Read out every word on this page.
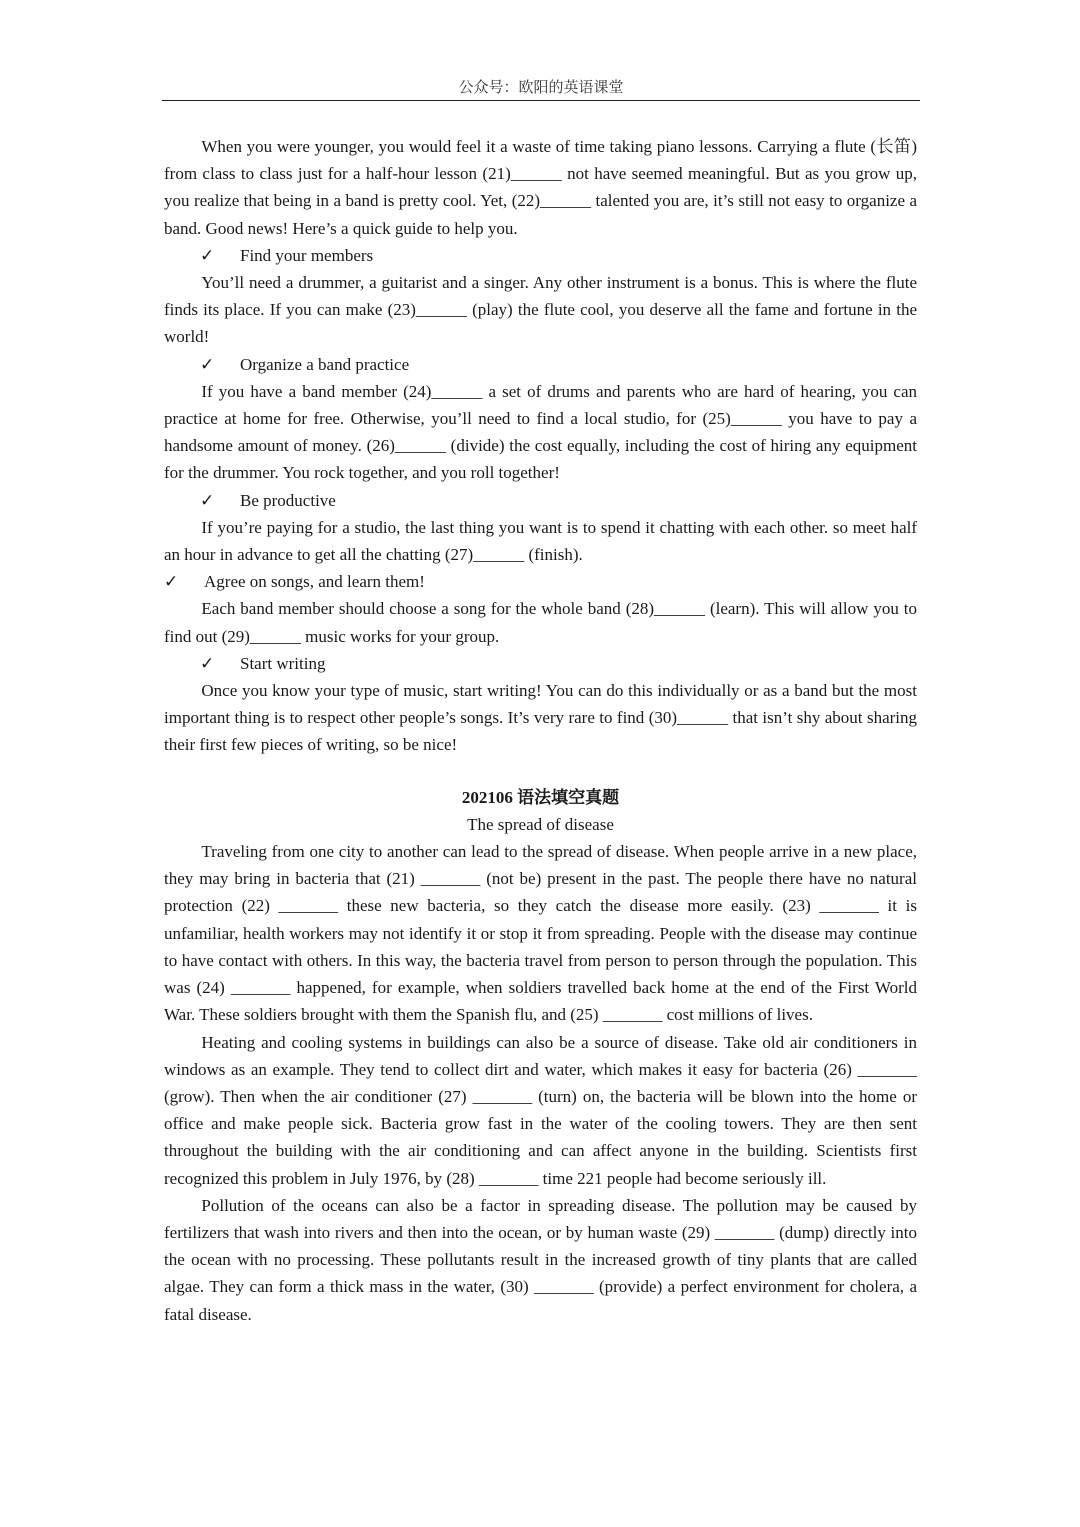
公众号：欧阳的英语课堂

When you were younger, you would feel it a waste of time taking piano lessons. Carrying a flute (长笛) from class to class just for a half-hour lesson (21)______ not have seemed meaningful. But as you grow up, you realize that being in a band is pretty cool. Yet, (22)______ talented you are, it’s still not easy to organize a band. Good news! Here’s a quick guide to help you.

✓ Find your members

You’ll need a drummer, a guitarist and a singer. Any other instrument is a bonus. This is where the flute finds its place. If you can make (23)______ (play) the flute cool, you deserve all the fame and fortune in the world!

✓ Organize a band practice

If you have a band member (24)______ a set of drums and parents who are hard of hearing, you can practice at home for free. Otherwise, you’ll need to find a local studio, for (25)______ you have to pay a handsome amount of money. (26)______ (divide) the cost equally, including the cost of hiring any equipment for the drummer. You rock together, and you roll together!

✓ Be productive

If you’re paying for a studio, the last thing you want is to spend it chatting with each other. so meet half an hour in advance to get all the chatting (27)______ (finish).

✓ Agree on songs, and learn them!

Each band member should choose a song for the whole band (28)______ (learn). This will allow you to find out (29)______ music works for your group.

✓ Start writing

Once you know your type of music, start writing! You can do this individually or as a band but the most important thing is to respect other people’s songs. It’s very rare to find (30)______ that isn’t shy about sharing their first few pieces of writing, so be nice!

202106 语法填空真题
The spread of disease

Traveling from one city to another can lead to the spread of disease. When people arrive in a new place, they may bring in bacteria that (21) _______ (not be) present in the past. The people there have no natural protection (22) _______ these new bacteria, so they catch the disease more easily. (23) _______ it is unfamiliar, health workers may not identify it or stop it from spreading. People with the disease may continue to have contact with others. In this way, the bacteria travel from person to person through the population. This was (24) _______ happened, for example, when soldiers travelled back home at the end of the First World War. These soldiers brought with them the Spanish flu, and (25) _______ cost millions of lives.

Heating and cooling systems in buildings can also be a source of disease. Take old air conditioners in windows as an example. They tend to collect dirt and water, which makes it easy for bacteria (26) _______ (grow). Then when the air conditioner (27) _______ (turn) on, the bacteria will be blown into the home or office and make people sick. Bacteria grow fast in the water of the cooling towers. They are then sent throughout the building with the air conditioning and can affect anyone in the building. Scientists first recognized this problem in July 1976, by (28) _______ time 221 people had become seriously ill.

Pollution of the oceans can also be a factor in spreading disease. The pollution may be caused by fertilizers that wash into rivers and then into the ocean, or by human waste (29) _______ (dump) directly into the ocean with no processing. These pollutants result in the increased growth of tiny plants that are called algae. They can form a thick mass in the water, (30) _______ (provide) a perfect environment for cholera, a fatal disease.
